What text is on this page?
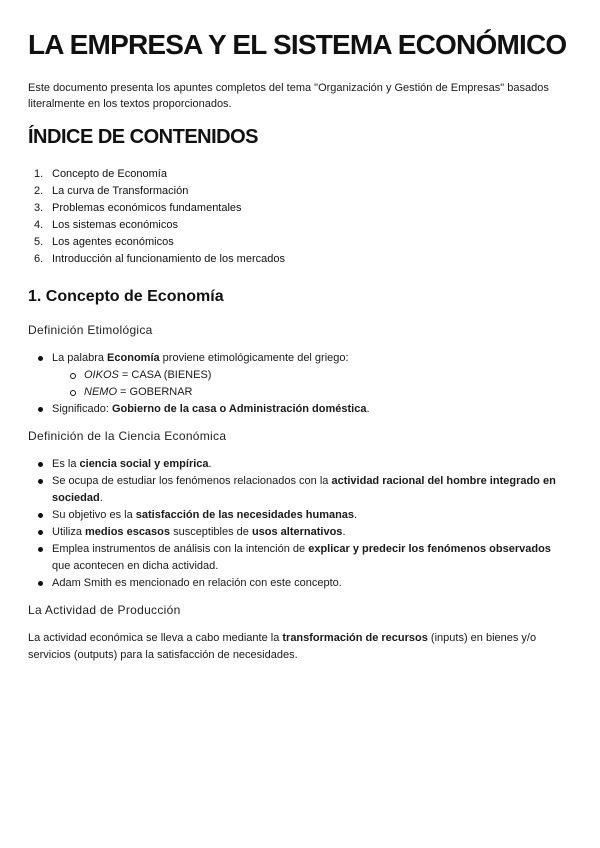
LA EMPRESA Y EL SISTEMA ECONÓMICO

Este documento presenta los apuntes completos del tema "Organización y Gestión de Empresas" basados literalmente en los textos proporcionados.

ÍNDICE DE CONTENIDOS
1. Concepto de Economía
2. La curva de Transformación
3. Problemas económicos fundamentales
4. Los sistemas económicos
5. Los agentes económicos
6. Introducción al funcionamiento de los mercados
1. Concepto de Economía
Definición Etimológica
La palabra Economía proviene etimológicamente del griego:
OIKOS = CASA (BIENES)
NEMO = GOBERNAR
Significado: Gobierno de la casa o Administración doméstica.
Definición de la Ciencia Económica
Es la ciencia social y empírica.
Se ocupa de estudiar los fenómenos relacionados con la actividad racional del hombre integrado en sociedad.
Su objetivo es la satisfacción de las necesidades humanas.
Utiliza medios escasos susceptibles de usos alternativos.
Emplea instrumentos de análisis con la intención de explicar y predecir los fenómenos observados que acontecen en dicha actividad.
Adam Smith es mencionado en relación con este concepto.
La Actividad de Producción

La actividad económica se lleva a cabo mediante la transformación de recursos (inputs) en bienes y/o servicios (outputs) para la satisfacción de necesidades.
